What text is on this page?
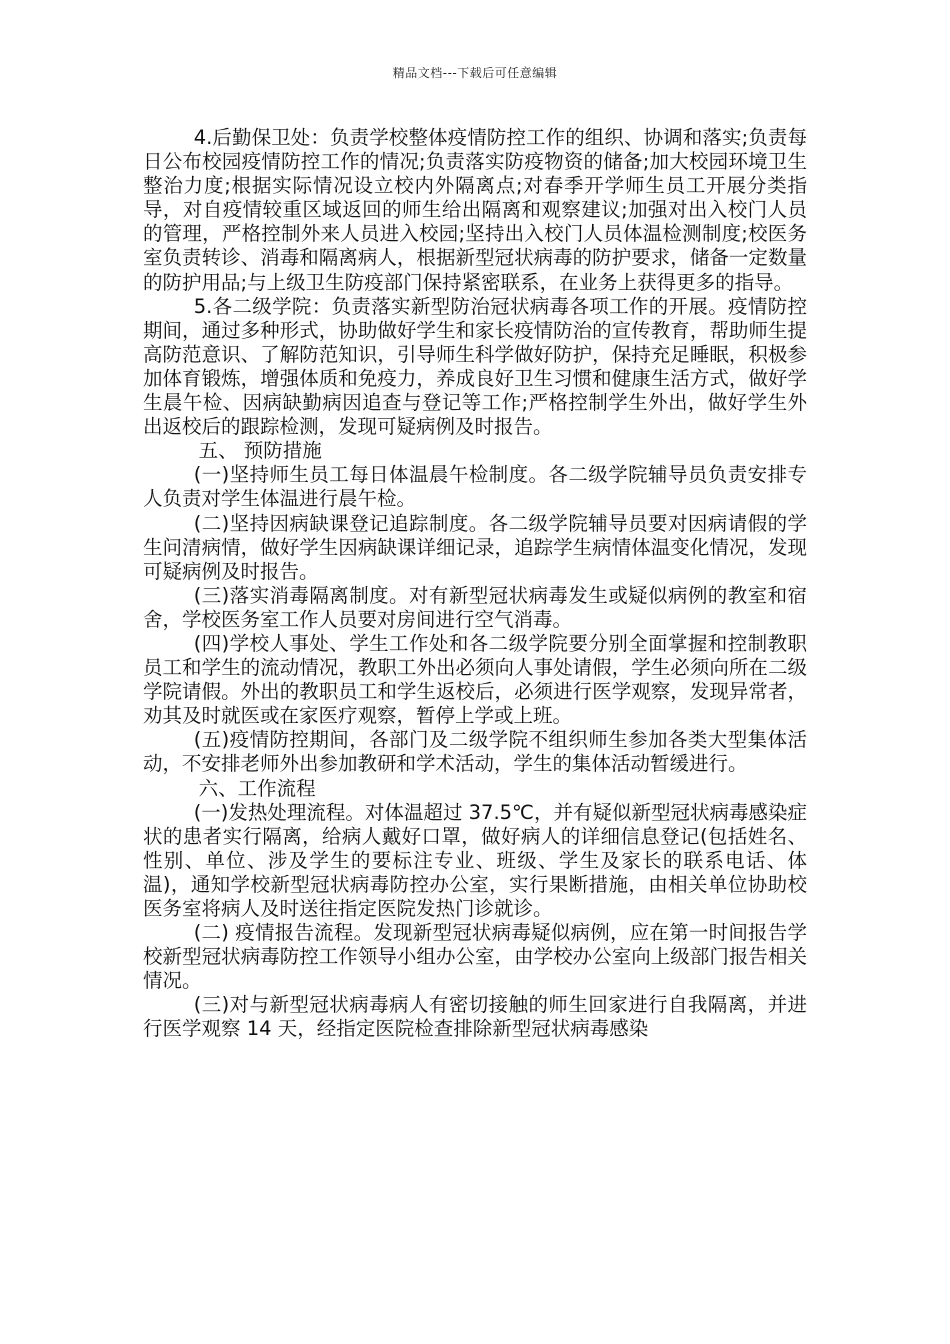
精品文档---下载后可任意编辑

4.后勤保卫处：负责学校整体疫情防控工作的组织、协调和落实;负责每日公布校园疫情防控工作的情况;负责落实防疫物资的储备;加大校园环境卫生整治力度;根据实际情况设立校内外隔离点;对春季开学师生员工开展分类指导，对自疫情较重区域返回的师生给出隔离和观察建议;加强对出入校门人员的管理，严格控制外来人员进入校园;坚持出入校门人员体温检测制度;校医务室负责转诊、消毒和隔离病人，根据新型冠状病毒的防护要求，储备一定数量的防护用品;与上级卫生防疫部门保持紧密联系，在业务上获得更多的指导。

5.各二级学院：负责落实新型防治冠状病毒各项工作的开展。疫情防控期间，通过多种形式，协助做好学生和家长疫情防治的宣传教育，帮助师生提高防范意识、了解防范知识，引导师生科学做好防护，保持充足睡眠，积极参加体育锻炼，增强体质和免疫力，养成良好卫生习惯和健康生活方式，做好学生晨午检、因病缺勤病因追查与登记等工作;严格控制学生外出，做好学生外出返校后的跟踪检测，发现可疑病例及时报告。

五、 预防措施

(一)坚持师生员工每日体温晨午检制度。各二级学院辅导员负责安排专人负责对学生体温进行晨午检。

(二)坚持因病缺课登记追踪制度。各二级学院辅导员要对因病请假的学生问清病情，做好学生因病缺课详细记录，追踪学生病情体温变化情况，发现可疑病例及时报告。

(三)落实消毒隔离制度。对有新型冠状病毒发生或疑似病例的教室和宿舍，学校医务室工作人员要对房间进行空气消毒。

(四)学校人事处、学生工作处和各二级学院要分别全面掌握和控制教职员工和学生的流动情况，教职工外出必须向人事处请假，学生必须向所在二级学院请假。外出的教职员工和学生返校后，必须进行医学观察，发现异常者，劝其及时就医或在家医疗观察，暂停上学或上班。

(五)疫情防控期间，各部门及二级学院不组织师生参加各类大型集体活动，不安排老师外出参加教研和学术活动，学生的集体活动暂缓进行。

六、工作流程

(一)发热处理流程。对体温超过 37.5℃，并有疑似新型冠状病毒感染症状的患者实行隔离，给病人戴好口罩，做好病人的详细信息登记(包括姓名、性别、单位、涉及学生的要标注专业、班级、学生及家长的联系电话、体温)，通知学校新型冠状病毒防控办公室，实行果断措施，由相关单位协助校医务室将病人及时送往指定医院发热门诊就诊。

(二) 疫情报告流程。发现新型冠状病毒疑似病例，应在第一时间报告学校新型冠状病毒防控工作领导小组办公室，由学校办公室向上级部门报告相关情况。

(三)对与新型冠状病毒病人有密切接触的师生回家进行自我隔离，并进行医学观察 14 天，经指定医院检查排除新型冠状病毒感染
